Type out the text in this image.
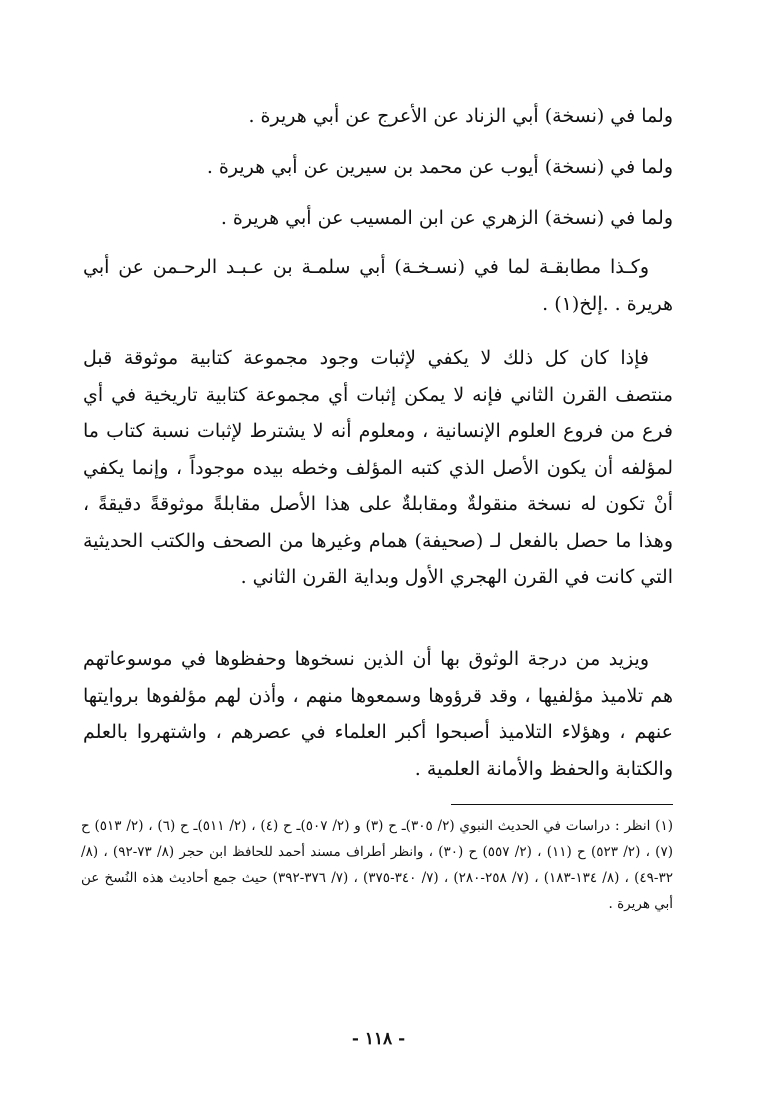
ولما في (نسخة) أبي الزناد عن الأعرج عن أبي هريرة .
ولما في (نسخة) أيوب عن محمد بن سيرين عن أبي هريرة .
ولما في (نسخة) الزهري عن ابن المسيب عن أبي هريرة .
وكـذا مطابقـة لما في (نسـخـة) أبي سلمـة بن عـبـد الرحـمن عن أبي هريرة . .إلخ(١) .
فإذا كان كل ذلك لا يكفي لإثبات وجود مجموعة كتابية موثوقة قبل منتصف القرن الثاني فإنه لا يمكن إثبات أي مجموعة كتابية تاريخية في أي فرع من فروع العلوم الإنسانية ، ومعلوم أنه لا يشترط لإثبات نسبة كتاب ما لمؤلفه أن يكون الأصل الذي كتبه المؤلف وخطه بيده موجوداً ، وإنما يكفي أنْ تكون له نسخة منقولةٌ ومقابلةٌ على هذا الأصل مقابلةً موثوقةً دقيقةً ، وهذا ما حصل بالفعل لـ (صحيفة) همام وغيرها من الصحف والكتب الحديثية التي كانت في القرن الهجري الأول وبداية القرن الثاني .
ويزيد من درجة الوثوق بها أن الذين نسخوها وحفظوها في موسوعاتهم هم تلاميذ مؤلفيها ، وقد قرؤوها وسمعوها منهم ، وأذن لهم مؤلفوها بروايتها عنهم ، وهؤلاء التلاميذ أصبحوا أكبر العلماء في عصرهم ، واشتهروا بالعلم والكتابة والحفظ والأمانة العلمية .
(١) انظر : دراسات في الحديث النبوي (٢/ ٣٠٥)ـ ح (٣) و (٢/ ٥٠٧)ـ ح (٤) ، (٢/ ٥١١)ـ ح (٦) ، (٢/ ٥١٣) ح (٧) ، (٢/ ٥٢٣) ح (١١) ، (٢/ ٥٥٧) ح (٣٠) ، وانظر أطراف مسند أحمد للحافظ ابن حجر (٨/ ٧٣-٩٢) ، (٨/ ٣٢-٤٩) ، (٨/ ١٣٤-١٨٣) ، (٧/ ٢٥٨-٢٨٠) ، (٧/ ٣٤٠-٣٧٥) ، (٧/ ٣٧٦-٣٩٢) حيث جمع أحاديث هذه النُسخ عن أبي هريرة .
- ١١٨ -
